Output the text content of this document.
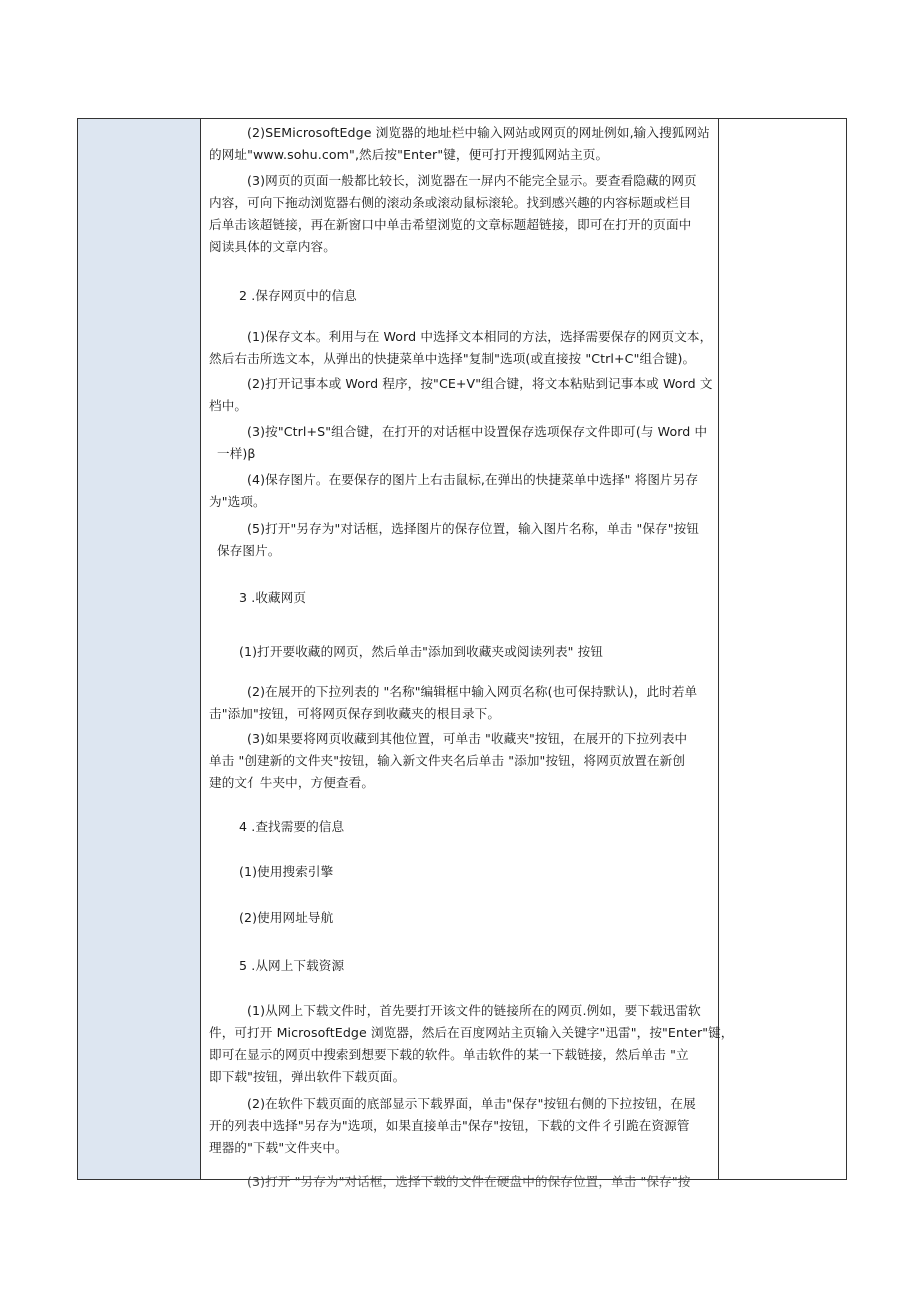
(2)SEMicrosoftEdge 浏览器的地址栏中输入网站或网页的网址例如,输入搜狐网站
的网址"www.sohu.com",然后按"Enter"键，便可打开搜狐网站主页。
(3)网页的页面一般都比较长，浏览器在一屏内不能完全显示。要查看隐藏的网页
内容，可向下拖动浏览器右侧的滚动条或滚动鼠标滚轮。找到感兴趣的内容标题或栏目
后单击该超链接，再在新窗口中单击希望浏览的文章标题超链接，即可在打开的页面中
阅读具体的文章内容。
2 .保存网页中的信息
(1)保存文本。利用与在 Word 中选择文本相同的方法，选择需要保存的网页文本，
然后右击所选文本，从弹出的快捷菜单中选择"复制"选项(或直接按 "Ctrl+C"组合键)。
(2)打开记事本或 Word 程序，按"CE+V"组合键，将文本粘贴到记事本或 Word 文
档中。
(3)按"Ctrl+S"组合键，在打开的对话框中设置保存选项保存文件即可(与 Word 中
一样)β
(4)保存图片。在要保存的图片上右击鼠标,在弹出的快捷菜单中选择" 将图片另存
为"选项。
(5)打开"另存为"对话框，选择图片的保存位置，输入图片名称，单击 "保存"按钮
保存图片。
3 .收藏网页
(1)打开要收藏的网页，然后单击"添加到收藏夹或阅读列表" 按钮
(2)在展开的下拉列表的 "名称"编辑框中输入网页名称(也可保持默认)，此时若单
击"添加"按钮，可将网页保存到收藏夹的根目录下。
(3)如果要将网页收藏到其他位置，可单击 "收藏夹"按钮，在展开的下拉列表中
单击 "创建新的文件夹"按钮，输入新文件夹名后单击 "添加"按钮，将网页放置在新创
建的文亻牛夹中，方便查看。
4 .查找需要的信息
(1)使用搜索引擎
(2)使用网址导航
5 .从网上下载资源
(1)从网上下载文件时，首先要打开该文件的链接所在的网页.例如，要下载迅雷软
件，可打开 MicrosoftEdge 浏览器，然后在百度网站主页输入关键字"迅雷"，按"Enter"键，
即可在显示的网页中搜索到想要下载的软件。单击软件的某一下载链接，然后单击 "立
即下载"按钮，弹出软件下载页面。
(2)在软件下载页面的底部显示下载界面，单击"保存"按钮右侧的下拉按钮，在展
开的列表中选择"另存为"选项，如果直接单击"保存"按钮，下载的文件彳引跪在资源管
理器的"下载"文件夹中。
(3)打开 "另存为"对话框，选择下载的文件在硬盘中的保存位置，单击 "保存"按
